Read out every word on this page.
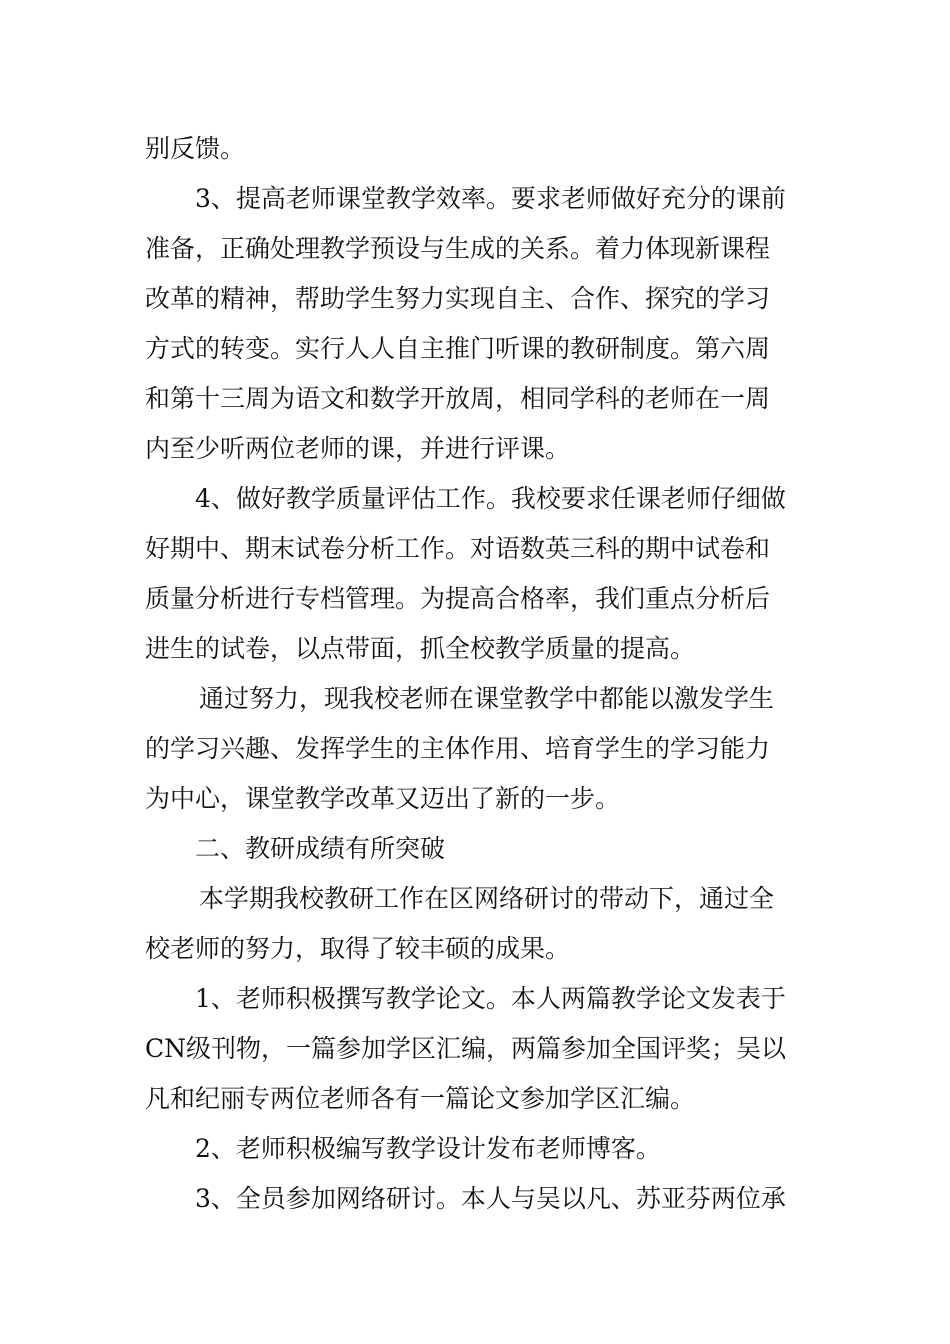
别反馈。
3、提高老师课堂教学效率。要求老师做好充分的课前
准备，正确处理教学预设与生成的关系。着力体现新课程
改革的精神，帮助学生努力实现自主、合作、探究的学习
方式的转变。实行人人自主推门听课的教研制度。第六周
和第十三周为语文和数学开放周，相同学科的老师在一周
内至少听两位老师的课，并进行评课。
4、做好教学质量评估工作。我校要求任课老师仔细做
好期中、期末试卷分析工作。对语数英三科的期中试卷和
质量分析进行专档管理。为提高合格率，我们重点分析后
进生的试卷，以点带面，抓全校教学质量的提高。
通过努力，现我校老师在课堂教学中都能以激发学生
的学习兴趣、发挥学生的主体作用、培育学生的学习能力
为中心，课堂教学改革又迈出了新的一步。
二、教研成绩有所突破
本学期我校教研工作在区网络研讨的带动下，通过全
校老师的努力，取得了较丰硕的成果。
1、老师积极撰写教学论文。本人两篇教学论文发表于
CN级刊物，一篇参加学区汇编，两篇参加全国评奖；吴以
凡和纪丽专两位老师各有一篇论文参加学区汇编。
2、老师积极编写教学设计发布老师博客。
3、全员参加网络研讨。本人与吴以凡、苏亚芬两位承
